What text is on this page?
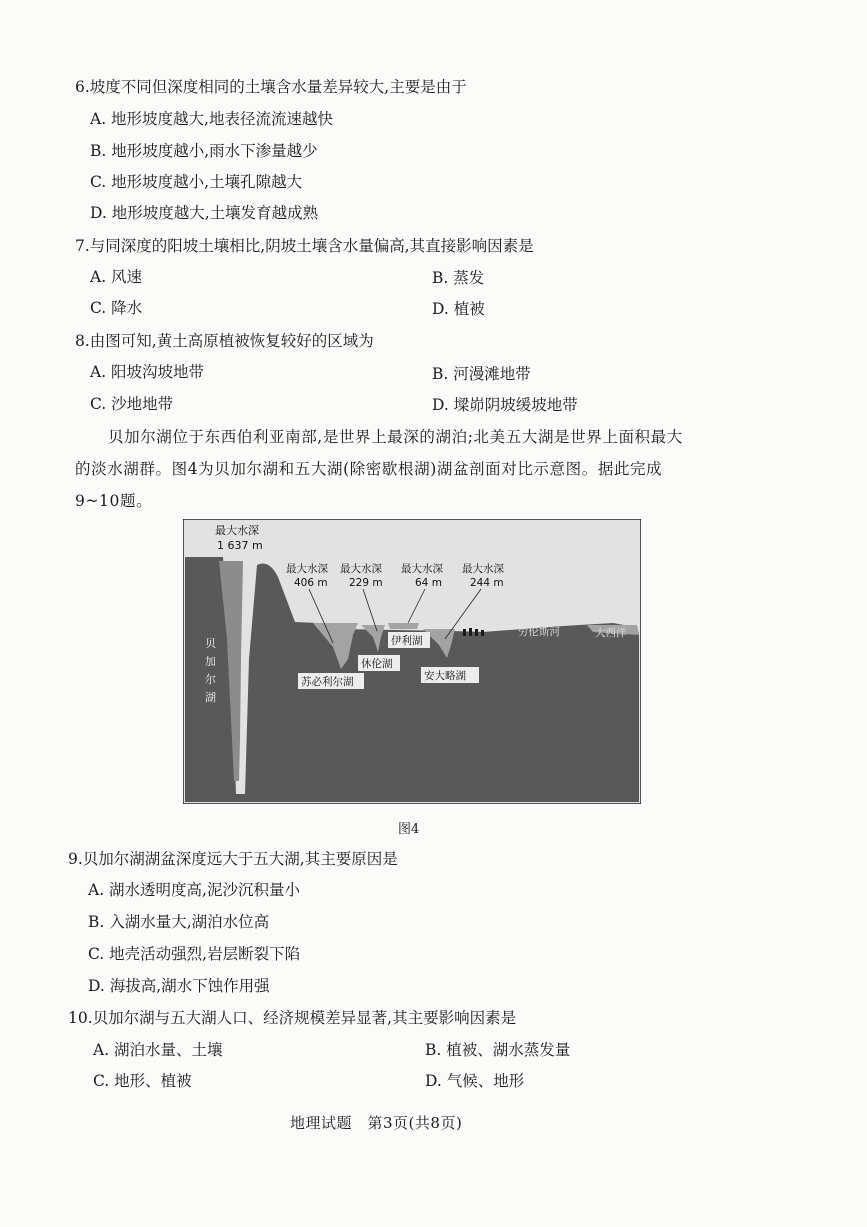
6.坡度不同但深度相同的土壤含水量差异较大,主要是由于
A. 地形坡度越大,地表径流流速越快
B. 地形坡度越小,雨水下渗量越少
C. 地形坡度越小,土壤孔隙越大
D. 地形坡度越大,土壤发育越成熟
7.与同深度的阳坡土壤相比,阴坡土壤含水量偏高,其直接影响因素是
A. 风速	B. 蒸发
C. 降水	D. 植被
8.由图可知,黄土高原植被恢复较好的区域为
A. 阳坡沟坡地带	B. 河漫滩地带
C. 沙地地带	D. 墚峁阴坡缓坡地带
贝加尔湖位于东西伯利亚南部,是世界上最深的湖泊;北美五大湖是世界上面积最大
的淡水湖群。图4为贝加尔湖和五大湖(除密歇根湖)湖盆剖面对比示意图。据此完成
9~10题。
最大水深
1 637 m
贝
加
尔
湖
最大水深
406 m
最大水深
229 m
最大水深
64 m
最大水深
244 m
苏必利尔湖
休伦湖
伊利湖
安大略湖
劳伦斯河	大西洋
图4
9.贝加尔湖湖盆深度远大于五大湖,其主要原因是
A. 湖水透明度高,泥沙沉积量小
B. 入湖水量大,湖泊水位高
C. 地壳活动强烈,岩层断裂下陷
D. 海拔高,湖水下蚀作用强
10.贝加尔湖与五大湖人口、经济规模差异显著,其主要影响因素是
A. 湖泊水量、土壤	B. 植被、湖水蒸发量
C. 地形、植被	D. 气候、地形
地理试题　第3页(共8页)
